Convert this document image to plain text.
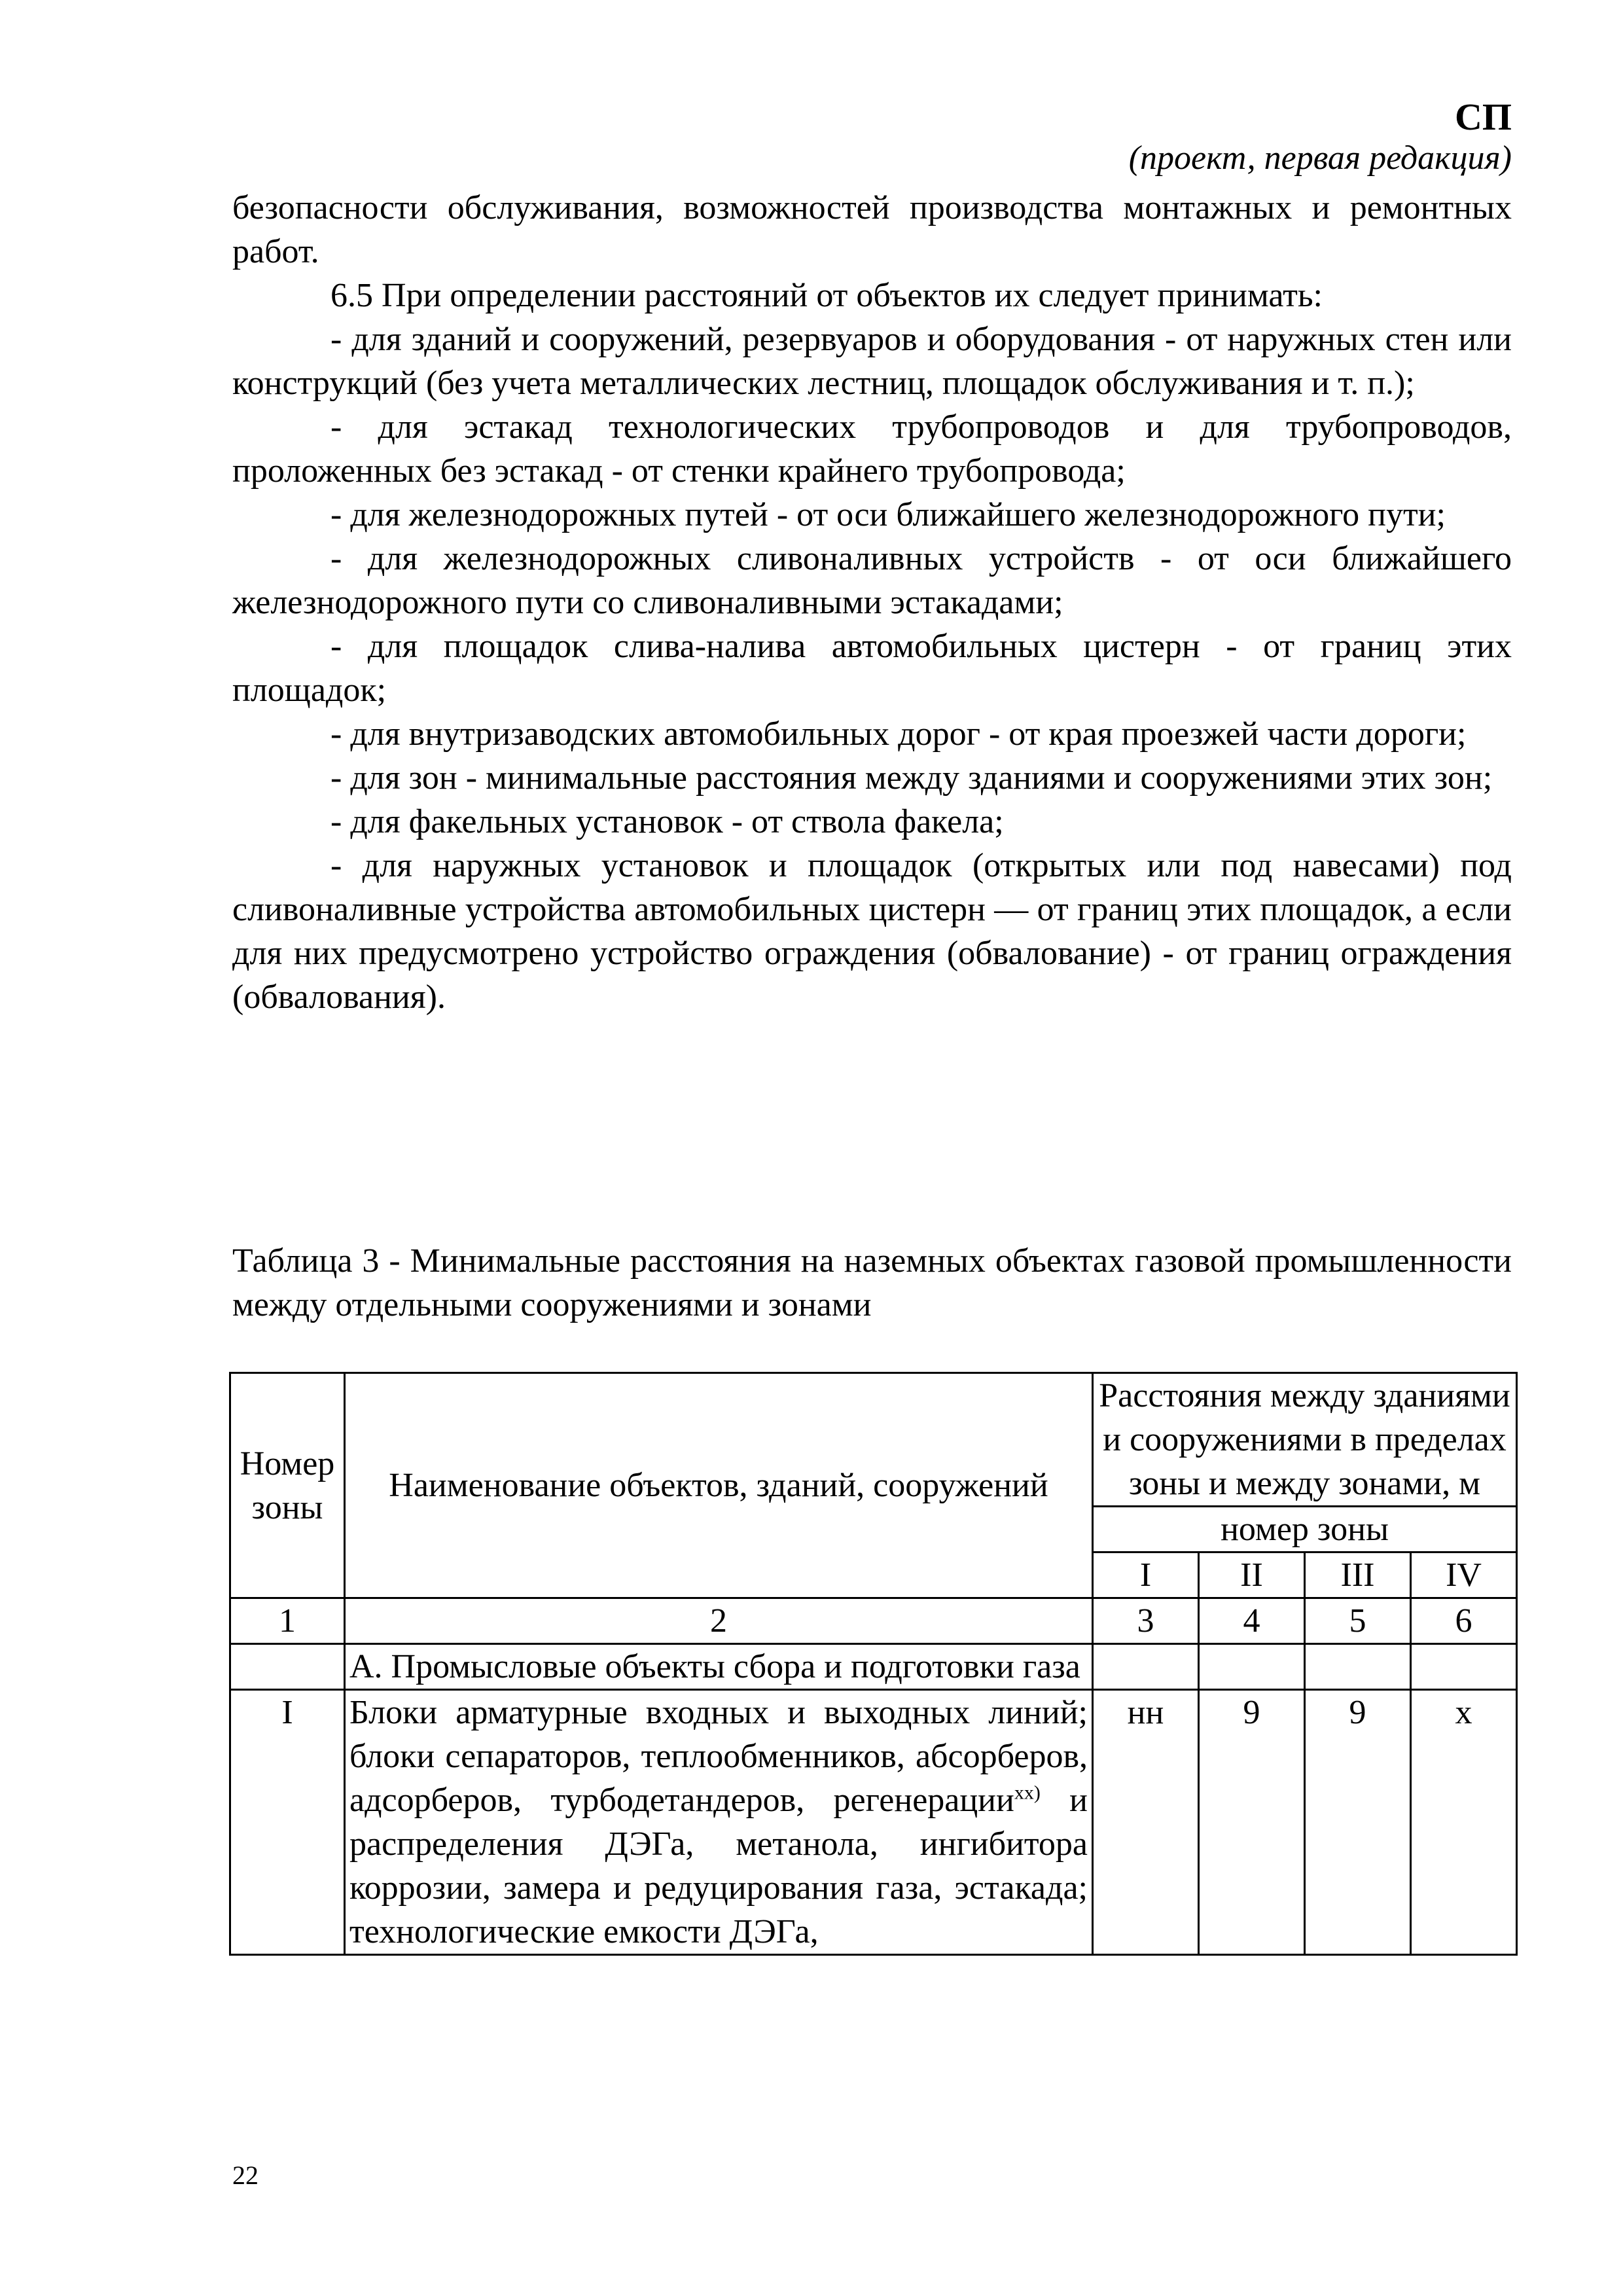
СП
(проект, первая редакция)

безопасности обслуживания, возможностей производства монтажных и ремонтных работ.

6.5 При определении расстояний от объектов их следует принимать:

- для зданий и сооружений, резервуаров и оборудования - от наружных стен или конструкций (без учета металлических лестниц, площадок обслуживания и т. п.);

- для эстакад технологических трубопроводов и для трубопроводов, проложенных без эстакад - от стенки крайнего трубопровода;

- для железнодорожных путей - от оси ближайшего железнодорожного пути;

- для железнодорожных сливоналивных устройств - от оси ближайшего железнодорожного пути со сливоналивными эстакадами;

- для площадок слива-налива автомобильных цистерн - от границ этих площадок;

- для внутризаводских автомобильных дорог - от края проезжей части дороги;

- для зон - минимальные расстояния между зданиями и сооружениями этих зон;

- для факельных установок - от ствола факела;

- для наружных установок и площадок (открытых или под навесами) под сливоналивные устройства автомобильных цистерн — от границ этих площадок, а если для них предусмотрено устройство ограждения (обвалование) - от границ ограждения (обвалования).

Таблица 3 - Минимальные расстояния на наземных объектах газовой промышленности между отдельными сооружениями и зонами

Номер зоны	Наименование объектов, зданий, сооружений	Расстояния между зданиями и сооружениями в пределах зоны и между зонами, м			
		номер зоны			
		I	II	III	IV
1	2	3	4	5	6
	А. Промысловые объекты сбора и подготовки газа				
I	Блоки арматурные входных и выходных линий; блоки сепараторов, теплообменников, абсорберов, адсорберов, турбодетандеров, регенерации$^{хх)}$ и распределения ДЭГа, метанола, ингибитора коррозии, замера и редуцирования газа, эстакада; технологические емкости ДЭГа,	нн	9	9	х
22
